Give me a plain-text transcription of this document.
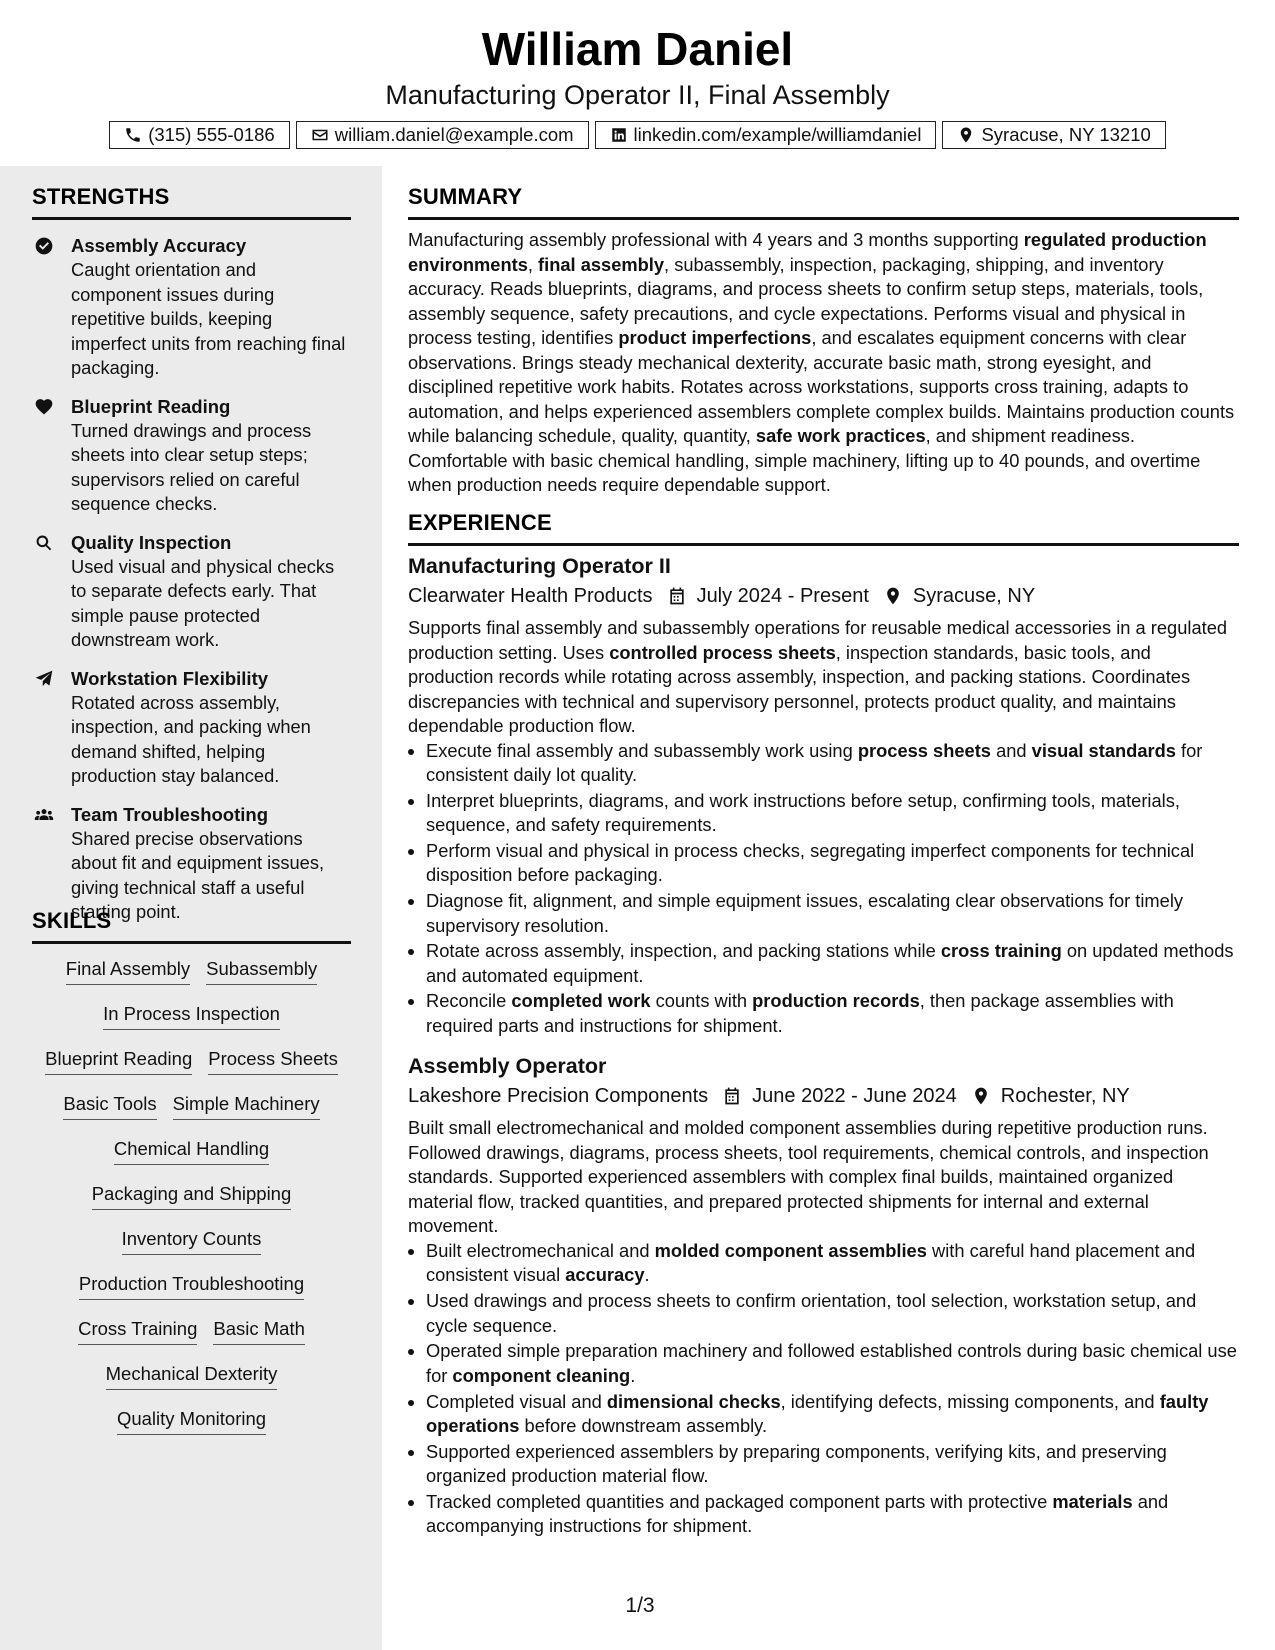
William Daniel

Manufacturing Operator II, Final Assembly

(315) 555-0186	william.daniel@example.com	linkedin.com/example/williamdaniel	Syracuse, NY 13210
STRENGTHS
Assembly Accuracy
Caught orientation and component issues during repetitive builds, keeping imperfect units from reaching final packaging.
Blueprint Reading
Turned drawings and process sheets into clear setup steps; supervisors relied on careful sequence checks.
Quality Inspection
Used visual and physical checks to separate defects early. That simple pause protected downstream work.
Workstation Flexibility
Rotated across assembly, inspection, and packing when demand shifted, helping production stay balanced.
Team Troubleshooting
Shared precise observations about fit and equipment issues, giving technical staff a useful starting point.
SKILLS
Final Assembly Subassembly
In Process Inspection
Blueprint Reading Process Sheets
Basic Tools Simple Machinery
Chemical Handling
Packaging and Shipping
Inventory Counts
Production Troubleshooting
Cross Training Basic Math
Mechanical Dexterity
Quality Monitoring
SUMMARY

Manufacturing assembly professional with 4 years and 3 months supporting regulated production environments, final assembly, subassembly, inspection, packaging, shipping, and inventory accuracy. Reads blueprints, diagrams, and process sheets to confirm setup steps, materials, tools, assembly sequence, safety precautions, and cycle expectations. Performs visual and physical in process testing, identifies product imperfections, and escalates equipment concerns with clear observations. Brings steady mechanical dexterity, accurate basic math, strong eyesight, and disciplined repetitive work habits. Rotates across workstations, supports cross training, adapts to automation, and helps experienced assemblers complete complex builds. Maintains production counts while balancing schedule, quality, quantity, safe work practices, and shipment readiness. Comfortable with basic chemical handling, simple machinery, lifting up to 40 pounds, and overtime when production needs require dependable support.

EXPERIENCE
Manufacturing Operator II
Clearwater Health Products July 2024 - Present Syracuse, NY

Supports final assembly and subassembly operations for reusable medical accessories in a regulated production setting. Uses controlled process sheets, inspection standards, basic tools, and production records while rotating across assembly, inspection, and packing stations. Coordinates discrepancies with technical and supervisory personnel, protects product quality, and maintains dependable production flow.

• Execute final assembly and subassembly work using process sheets and visual standards for consistent daily lot quality.
• Interpret blueprints, diagrams, and work instructions before setup, confirming tools, materials, sequence, and safety requirements.
• Perform visual and physical in process checks, segregating imperfect components for technical disposition before packaging.
• Diagnose fit, alignment, and simple equipment issues, escalating clear observations for timely supervisory resolution.
• Rotate across assembly, inspection, and packing stations while cross training on updated methods and automated equipment.
• Reconcile completed work counts with production records, then package assemblies with required parts and instructions for shipment.
Assembly Operator
Lakeshore Precision Components June 2022 - June 2024 Rochester, NY

Built small electromechanical and molded component assemblies during repetitive production runs. Followed drawings, diagrams, process sheets, tool requirements, chemical controls, and inspection standards. Supported experienced assemblers with complex final builds, maintained organized material flow, tracked quantities, and prepared protected shipments for internal and external movement.

• Built electromechanical and molded component assemblies with careful hand placement and consistent visual accuracy.
• Used drawings and process sheets to confirm orientation, tool selection, workstation setup, and cycle sequence.
• Operated simple preparation machinery and followed established controls during basic chemical use for component cleaning.
• Completed visual and dimensional checks, identifying defects, missing components, and faulty operations before downstream assembly.
• Supported experienced assemblers by preparing components, verifying kits, and preserving organized production material flow.
• Tracked completed quantities and packaged component parts with protective materials and accompanying instructions for shipment.
1/3
